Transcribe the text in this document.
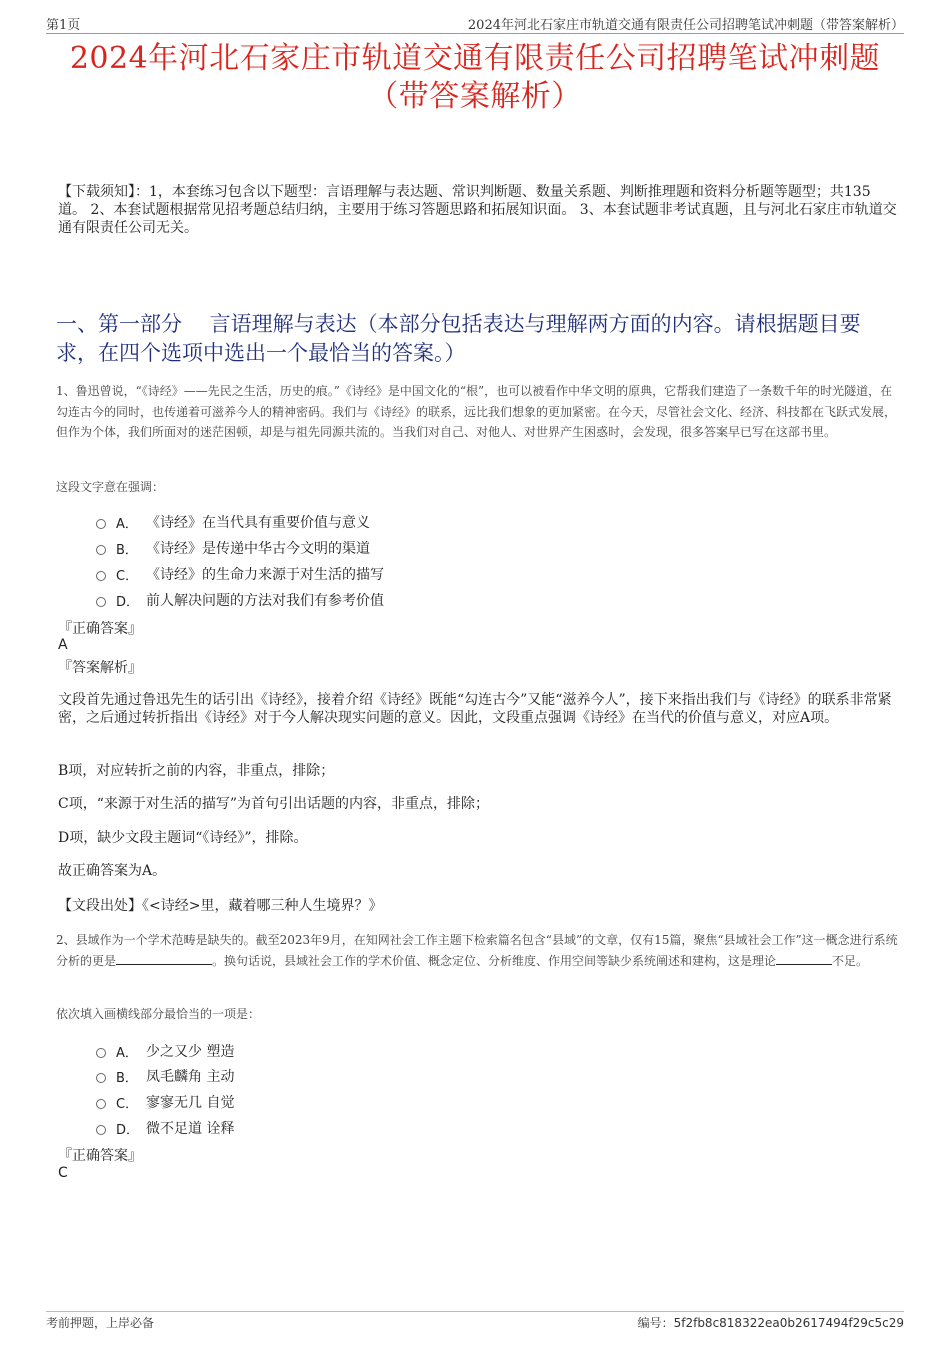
第1页	2024年河北石家庄市轨道交通有限责任公司招聘笔试冲刺题（带答案解析）
2024年河北石家庄市轨道交通有限责任公司招聘笔试冲刺题
（带答案解析）
【下载须知】：1，本套练习包含以下题型：言语理解与表达题、常识判断题、数量关系题、判断推理题和资料分析题等题型；共135道。 2、本套试题根据常见招考题总结归纳，主要用于练习答题思路和拓展知识面。 3、本套试题非考试真题，且与河北石家庄市轨道交通有限责任公司无关。
一、第一部分　 言语理解与表达（本部分包括表达与理解两方面的内容。请根据题目要求，在四个选项中选出一个最恰当的答案。）
1、鲁迅曾说，“《诗经》——先民之生活，历史的痕。”《诗经》是中国文化的“根”，也可以被看作中华文明的原典，它帮我们建造了一条数千年的时光隧道，在勾连古今的同时，也传递着可滋养今人的精神密码。我们与《诗经》的联系，远比我们想象的更加紧密。在今天，尽管社会文化、经济、科技都在飞跃式发展，但作为个体，我们所面对的迷茫困顿，却是与祖先同源共流的。当我们对自己、对他人、对世界产生困惑时，会发现，很多答案早已写在这部书里。
这段文字意在强调：
A． 《诗经》在当代具有重要价值与意义
B． 《诗经》是传递中华古今文明的渠道
C． 《诗经》的生命力来源于对生活的描写
D． 前人解决问题的方法对我们有参考价值
『正确答案』
A
『答案解析』
文段首先通过鲁迅先生的话引出《诗经》，接着介绍《诗经》既能“勾连古今”又能“滋养今人”，接下来指出我们与《诗经》的联系非常紧密，之后通过转折指出《诗经》对于今人解决现实问题的意义。因此，文段重点强调《诗经》在当代的价值与意义，对应A项。
B项，对应转折之前的内容，非重点，排除；
C项，“来源于对生活的描写”为首句引出话题的内容，非重点，排除；
D项，缺少文段主题词“《诗经》”，排除。
故正确答案为A。
【文段出处】《<诗经>里，藏着哪三种人生境界？》
2、县域作为一个学术范畴是缺失的。截至2023年9月，在知网社会工作主题下检索篇名包含“县域”的文章，仅有15篇，聚焦“县域社会工作”这一概念进行系统分析的更是	。换句话说，县域社会工作的学术价值、概念定位、分析维度、作用空间等缺少系统阐述和建构，这是理论	不足。
依次填入画横线部分最恰当的一项是：
A． 少之又少 塑造
B． 凤毛麟角 主动
C． 寥寥无几 自觉
D． 微不足道 诠释
『正确答案』
C
考前押题，上岸必备	编号：5f2fb8c818322ea0b2617494f29c5c29
